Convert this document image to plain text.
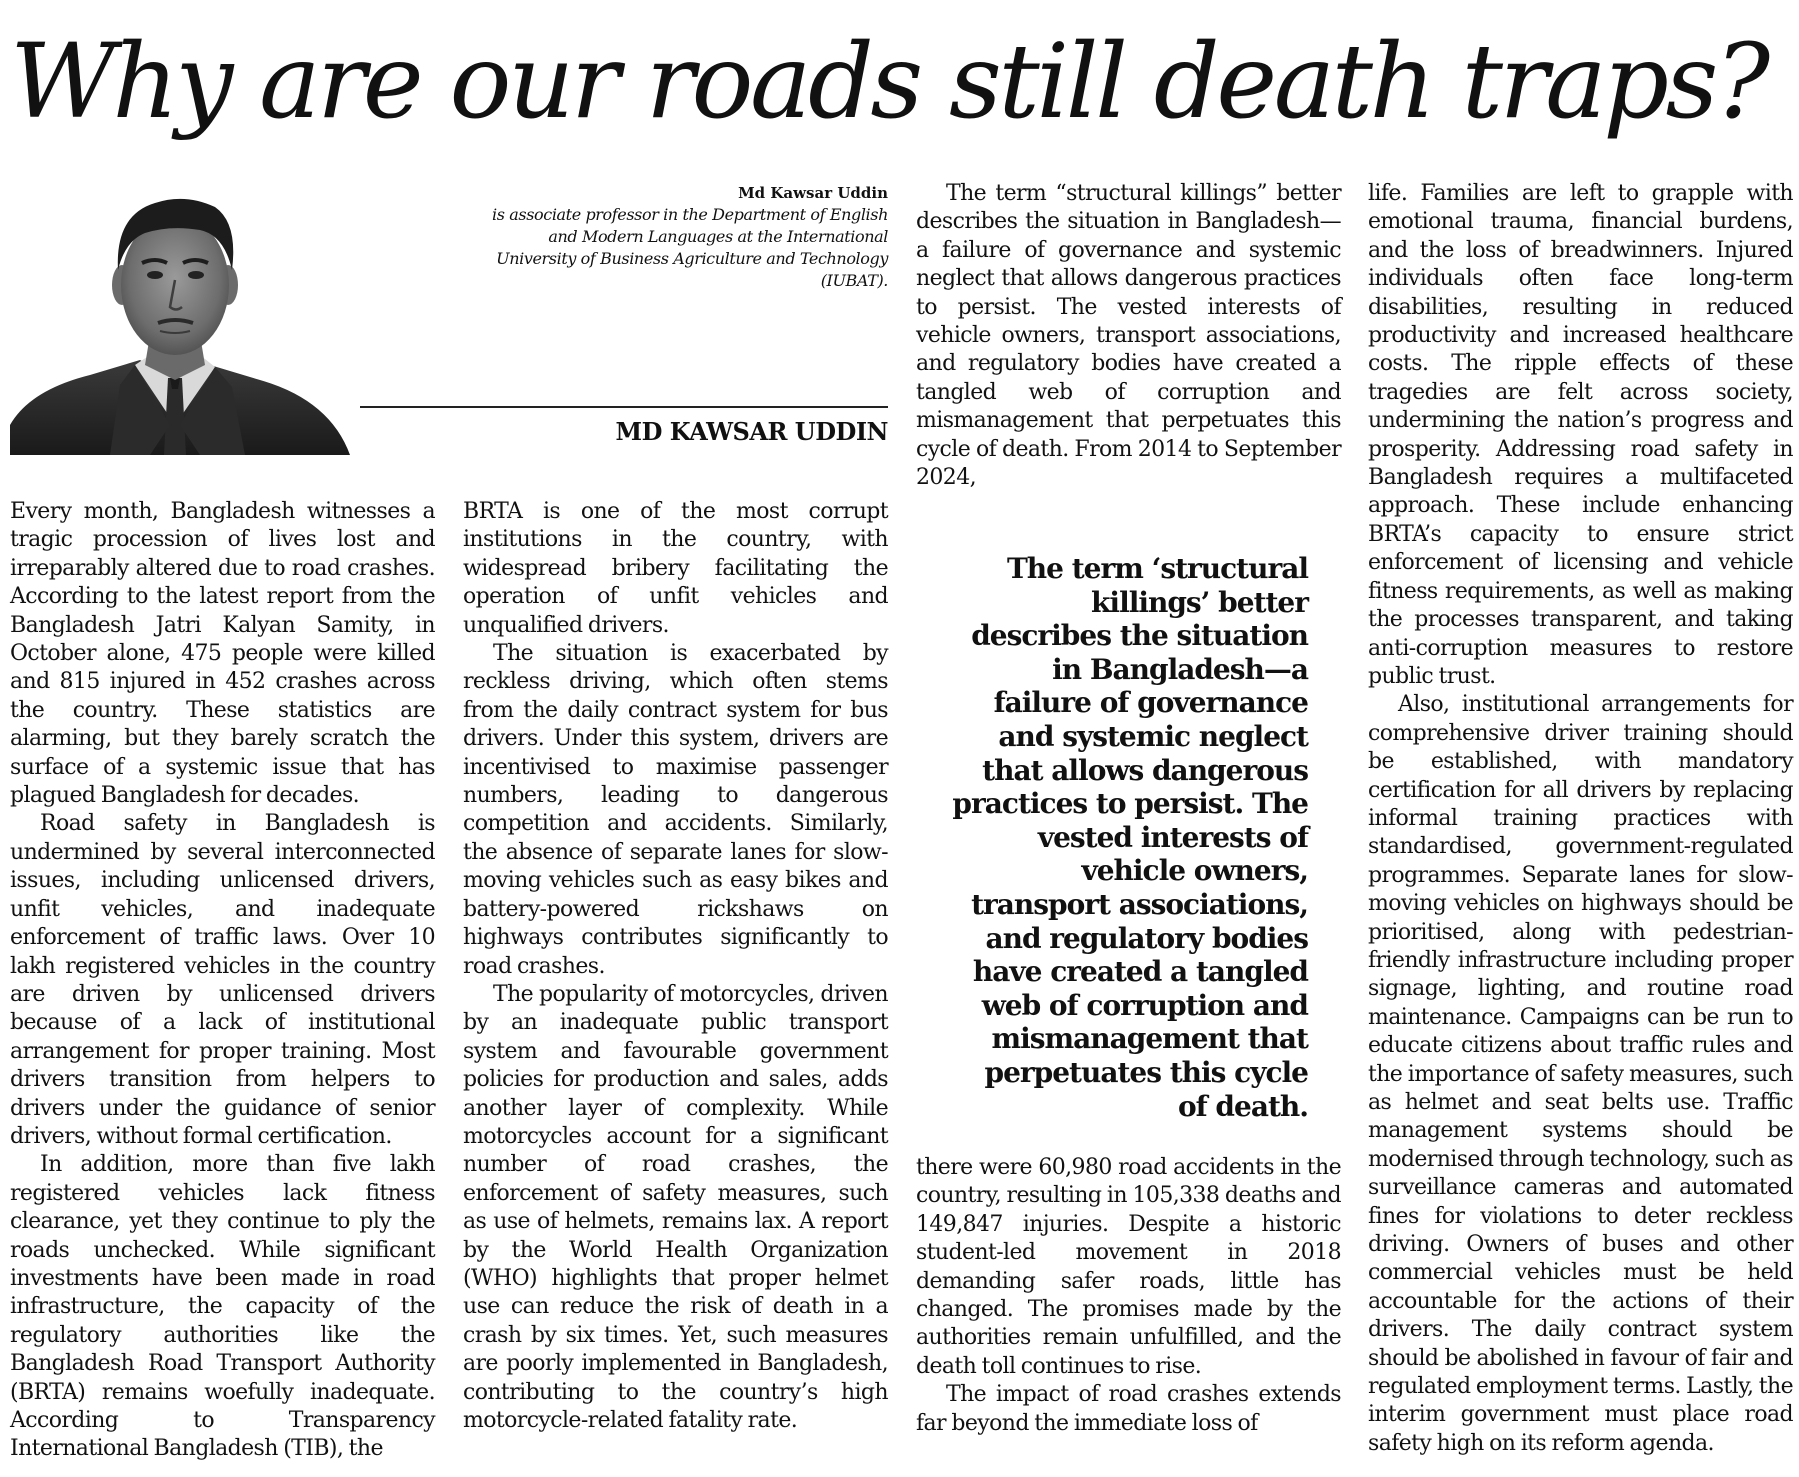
Why are our roads still death traps?
Md Kawsar Uddin
is associate professor in the Department of English and Modern Languages at the International University of Business Agriculture and Technology (IUBAT).
MD KAWSAR UDDIN

Every month, Bangladesh witnesses a tragic procession of lives lost and irreparably altered due to road crashes. According to the latest report from the Bangladesh Jatri Kalyan Samity, in October alone, 475 people were killed and 815 injured in 452 crashes across the country. These statistics are alarming, but they barely scratch the surface of a systemic issue that has plagued Bangladesh for decades.

Road safety in Bangladesh is undermined by several interconnected issues, including unlicensed drivers, unfit vehicles, and inadequate enforcement of traffic laws. Over 10 lakh registered vehicles in the country are driven by unlicensed drivers because of a lack of institutional arrangement for proper training. Most drivers transition from helpers to drivers under the guidance of senior drivers, without formal certification.

In addition, more than five lakh registered vehicles lack fitness clearance, yet they continue to ply the roads unchecked. While significant investments have been made in road infrastructure, the capacity of the regulatory authorities like the Bangladesh Road Transport Authority (BRTA) remains woefully inadequate. According to Transparency International Bangladesh (TIB), the

BRTA is one of the most corrupt institutions in the country, with widespread bribery facilitating the operation of unfit vehicles and unqualified drivers.

The situation is exacerbated by reckless driving, which often stems from the daily contract system for bus drivers. Under this system, drivers are incentivised to maximise passenger numbers, leading to dangerous competition and accidents. Similarly, the absence of separate lanes for slow-moving vehicles such as easy bikes and battery-powered rickshaws on highways contributes significantly to road crashes.

The popularity of motorcycles, driven by an inadequate public transport system and favourable government policies for production and sales, adds another layer of complexity. While motorcycles account for a significant number of road crashes, the enforcement of safety measures, such as use of helmets, remains lax. A report by the World Health Organization (WHO) highlights that proper helmet use can reduce the risk of death in a crash by six times. Yet, such measures are poorly implemented in Bangladesh, contributing to the country’s high motorcycle-related fatality rate.

The term “structural killings” better describes the situation in Bangladesh—a failure of governance and systemic neglect that allows dangerous practices to persist. The vested interests of vehicle owners, transport associations, and regulatory bodies have created a tangled web of corruption and mismanagement that perpetuates this cycle of death. From 2014 to September 2024,

The term ‘structural killings’ better describes the situation in Bangladesh—a failure of governance and systemic neglect that allows dangerous practices to persist. The vested interests of vehicle owners, transport associations, and regulatory bodies have created a tangled web of corruption and mismanagement that perpetuates this cycle of death.

there were 60,980 road accidents in the country, resulting in 105,338 deaths and 149,847 injuries. Despite a historic student-led movement in 2018 demanding safer roads, little has changed. The promises made by the authorities remain unfulfilled, and the death toll continues to rise.

The impact of road crashes extends far beyond the immediate loss of

life. Families are left to grapple with emotional trauma, financial burdens, and the loss of breadwinners. Injured individuals often face long-term disabilities, resulting in reduced productivity and increased healthcare costs. The ripple effects of these tragedies are felt across society, undermining the nation’s progress and prosperity. Addressing road safety in Bangladesh requires a multifaceted approach. These include enhancing BRTA’s capacity to ensure strict enforcement of licensing and vehicle fitness requirements, as well as making the processes transparent, and taking anti-corruption measures to restore public trust.

Also, institutional arrangements for comprehensive driver training should be established, with mandatory certification for all drivers by replacing informal training practices with standardised, government-regulated programmes. Separate lanes for slow-moving vehicles on highways should be prioritised, along with pedestrian-friendly infrastructure including proper signage, lighting, and routine road maintenance. Campaigns can be run to educate citizens about traffic rules and the importance of safety measures, such as helmet and seat belts use. Traffic management systems should be modernised through technology, such as surveillance cameras and automated fines for violations to deter reckless driving. Owners of buses and other commercial vehicles must be held accountable for the actions of their drivers. The daily contract system should be abolished in favour of fair and regulated employment terms. Lastly, the interim government must place road safety high on its reform agenda.
